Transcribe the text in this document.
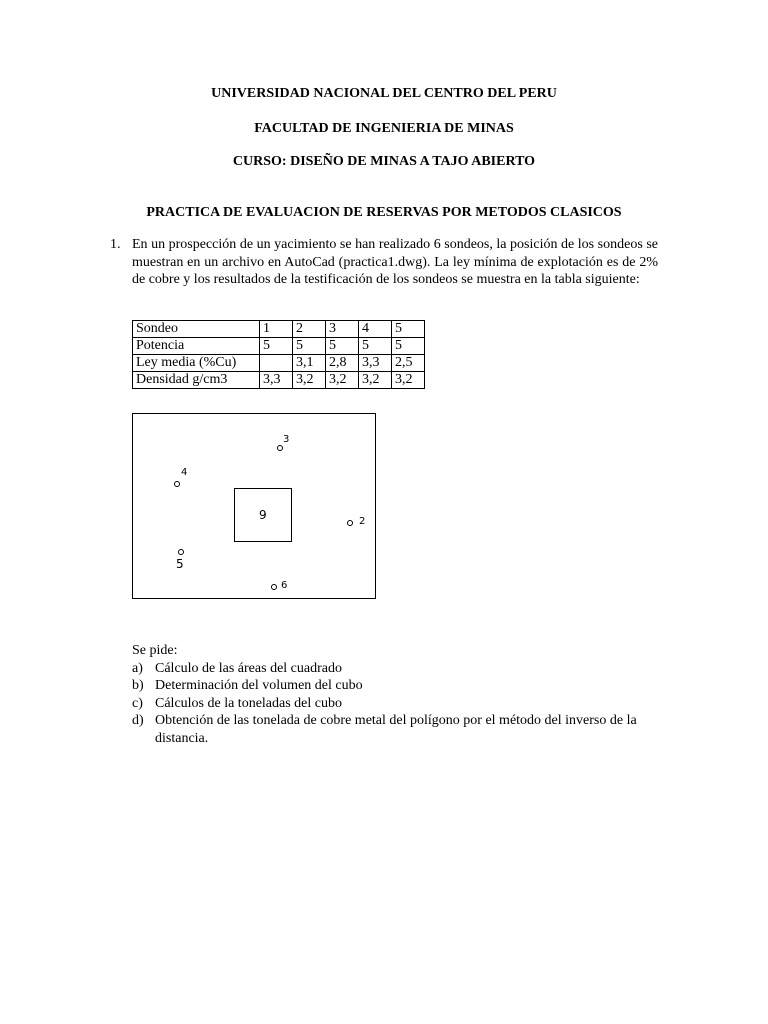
UNIVERSIDAD NACIONAL DEL CENTRO DEL PERU
FACULTAD DE INGENIERIA DE MINAS
CURSO: DISEÑO DE MINAS A TAJO ABIERTO
PRACTICA DE EVALUACION DE RESERVAS POR METODOS CLASICOS
1. En un prospección de un yacimiento se han realizado 6 sondeos, la posición de los sondeos se muestran en un archivo en AutoCad (practica1.dwg). La ley mínima de explotación es de 2% de cobre y los resultados de la testificación de los sondeos se muestra en la tabla siguiente:
Sondeo	1	2	3	4	5
Potencia	5	5	5	5	5
Ley media (%Cu)		3,1	2,8	3,3	2,5
Densidad g/cm3	3,3	3,2	3,2	3,2	3,2
3
4
9	2
5
6
Se pide:
a) Cálculo de las áreas del cuadrado
b) Determinación del volumen del cubo
c) Cálculos de la toneladas del cubo
d) Obtención de las tonelada de cobre metal del polígono por el método del inverso de la distancia.
